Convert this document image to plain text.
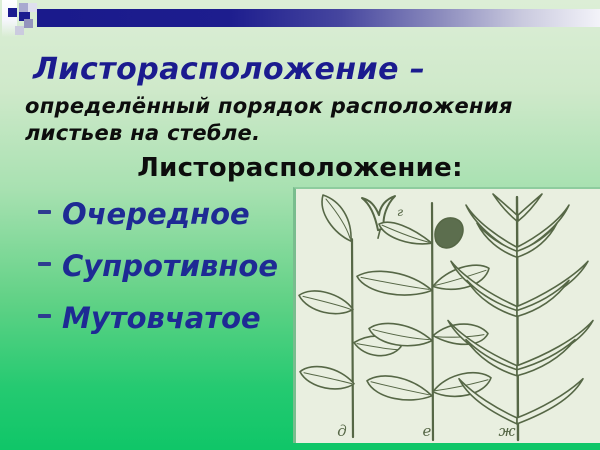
Листорасположение –

определённый порядок расположения
листьев на стебле.

Листорасположение:
Очередное
Супротивное
Мутовчатое
г
д	е	ж
